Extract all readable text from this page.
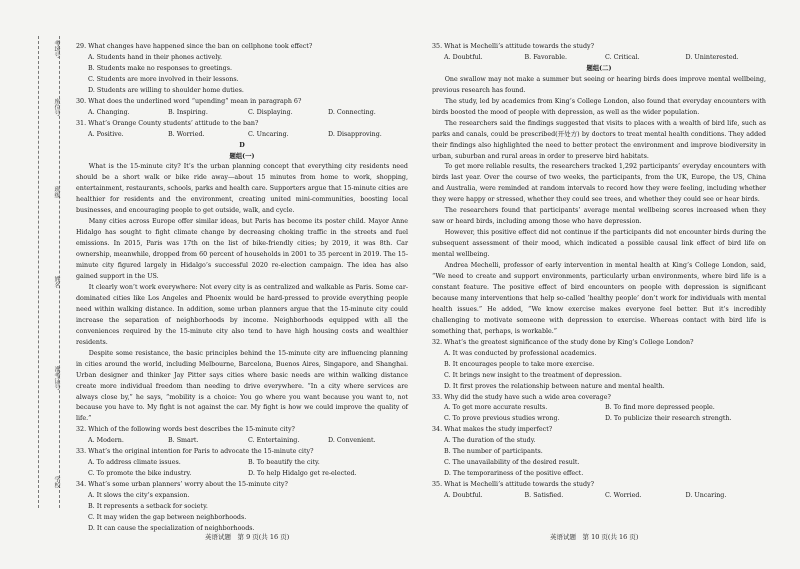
考场号
座位号
班级
姓名
准考证号
学校

29. What changes have happened since the ban on cellphone took effect?

A. Students hand in their phones actively.

B. Students make no responses to greetings.

C. Students are more involved in their lessons.

D. Students are willing to shoulder home duties.

30. What does the underlined word “upending” mean in paragraph 6?

A. Changing.	B. Inspiring.	C. Displaying.	D. Connecting.

31. What’s Orange County students’ attitude to the ban?

A. Positive.	B. Worried.	C. Uncaring.	D. Disapproving.

D

题组(一)

What is the 15-minute city? It’s the urban planning concept that everything city residents need should be a short walk or bike ride away—about 15 minutes from home to work, shopping, entertainment, restaurants, schools, parks and health care. Supporters argue that 15-minute cities are healthier for residents and the environment, creating united mini-communities, boosting local businesses, and encouraging people to get outside, walk, and cycle.

Many cities across Europe offer similar ideas, but Paris has become its poster child. Mayor Anne Hidalgo has sought to fight climate change by decreasing choking traffic in the streets and fuel emissions. In 2015, Paris was 17th on the list of bike-friendly cities; by 2019, it was 8th. Car ownership, meanwhile, dropped from 60 percent of households in 2001 to 35 percent in 2019. The 15-minute city figured largely in Hidalgo’s successful 2020 re-election campaign. The idea has also gained support in the US.

It clearly won’t work everywhere: Not every city is as centralized and walkable as Paris. Some car-dominated cities like Los Angeles and Phoenix would be hard-pressed to provide everything people need within walking distance. In addition, some urban planners argue that the 15-minute city could increase the separation of neighborhoods by income. Neighborhoods equipped with all the conveniences required by the 15-minute city also tend to have high housing costs and wealthier residents.

Despite some resistance, the basic principles behind the 15-minute city are influencing planning in cities around the world, including Melbourne, Barcelona, Buenos Aires, Singapore, and Shanghai. Urban designer and thinker Jay Pitter says cities where basic needs are within walking distance create more individual freedom than needing to drive everywhere. “In a city where services are always close by,” he says, “mobility is a choice: You go where you want because you want to, not because you have to. My fight is not against the car. My fight is how we could improve the quality of life.”

32. Which of the following words best describes the 15-minute city?

A. Modern.	B. Smart.	C. Entertaining.	D. Convenient.

33. What’s the original intention for Paris to advocate the 15-minute city?

A. To address climate issues.	B. To beautify the city.
C. To promote the bike industry.	D. To help Hidalgo get re-elected.

34. What’s some urban planners’ worry about the 15-minute city?

A. It slows the city’s expansion.

B. It represents a setback for society.

C. It may widen the gap between neighborhoods.

D. It can cause the specialization of neighborhoods.

35. What is Mechelli’s attitude towards the study?

A. Doubtful.	B. Favorable.	C. Critical.	D. Uninterested.

题组(二)

One swallow may not make a summer but seeing or hearing birds does improve mental wellbeing, previous research has found.

The study, led by academics from King’s College London, also found that everyday encounters with birds boosted the mood of people with depression, as well as the wider population.

The researchers said the findings suggested that visits to places with a wealth of bird life, such as parks and canals, could be prescribed(开处方) by doctors to treat mental health conditions. They added their findings also highlighted the need to better protect the environment and improve biodiversity in urban, suburban and rural areas in order to preserve bird habitats.

To get more reliable results, the researchers tracked 1,292 participants’ everyday encounters with birds last year. Over the course of two weeks, the participants, from the UK, Europe, the US, China and Australia, were reminded at random intervals to record how they were feeling, including whether they were happy or stressed, whether they could see trees, and whether they could see or hear birds.

The researchers found that participants’ average mental wellbeing scores increased when they saw or heard birds, including among those who have depression.

However, this positive effect did not continue if the participants did not encounter birds during the subsequent assessment of their mood, which indicated a possible causal link effect of bird life on mental wellbeing.

Andrea Mechelli, professor of early intervention in mental health at King’s College London, said, “We need to create and support environments, particularly urban environments, where bird life is a constant feature. The positive effect of bird encounters on people with depression is significant because many interventions that help so-called ‘healthy people’ don’t work for individuals with mental health issues.” He added, “We know exercise makes everyone feel better. But it’s incredibly challenging to motivate someone with depression to exercise. Whereas contact with bird life is something that, perhaps, is workable.”

32. What’s the greatest significance of the study done by King’s College London?

A. It was conducted by professional academics.

B. It encourages people to take more exercise.

C. It brings new insight to the treatment of depression.

D. It first proves the relationship between nature and mental health.

33. Why did the study have such a wide area coverage?

A. To get more accurate results.	B. To find more depressed people.
C. To prove previous studies wrong.	D. To publicize their research strength.

34. What makes the study imperfect?

A. The duration of the study.

B. The number of participants.

C. The unavailability of the desired result.

D. The temporariness of the positive effect.

35. What is Mechelli’s attitude towards the study?

A. Doubtful.	B. Satisfied.	C. Worried.	D. Uncaring.
英语试题　第 9 页(共 16 页)	英语试题　第 10 页(共 16 页)
